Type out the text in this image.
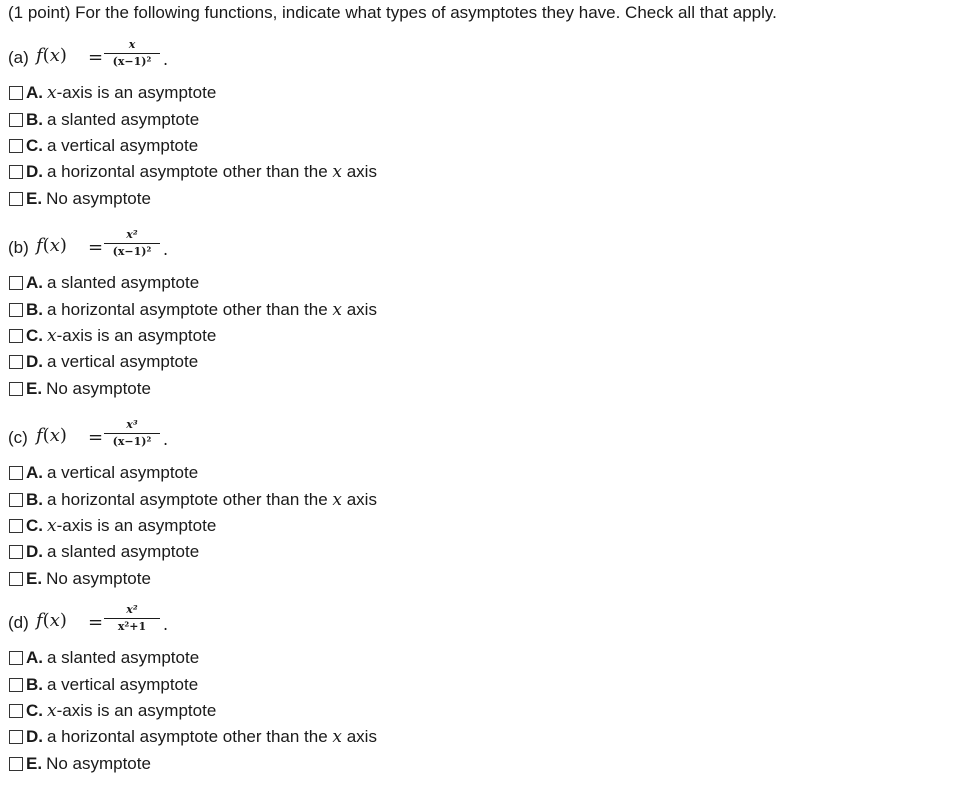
(1 point) For the following functions, indicate what types of asymptotes they have. Check all that apply.
(a) f(x) =
x
(x−1)² .
A. x-axis is an asymptote
B. a slanted asymptote
C. a vertical asymptote
D. a horizontal asymptote other than the x axis
E. No asymptote
(b) f(x) =
x²
(x−1)² .
A. a slanted asymptote
B. a horizontal asymptote other than the x axis
C. x-axis is an asymptote
D. a vertical asymptote
E. No asymptote
(c) f(x) =
x³
(x−1)² .
A. a vertical asymptote
B. a horizontal asymptote other than the x axis
C. x-axis is an asymptote
D. a slanted asymptote
E. No asymptote
(d) f(x) =
x²
x²+1	.
A. a slanted asymptote
B. a vertical asymptote
C. x-axis is an asymptote
D. a horizontal asymptote other than the x axis
E. No asymptote
